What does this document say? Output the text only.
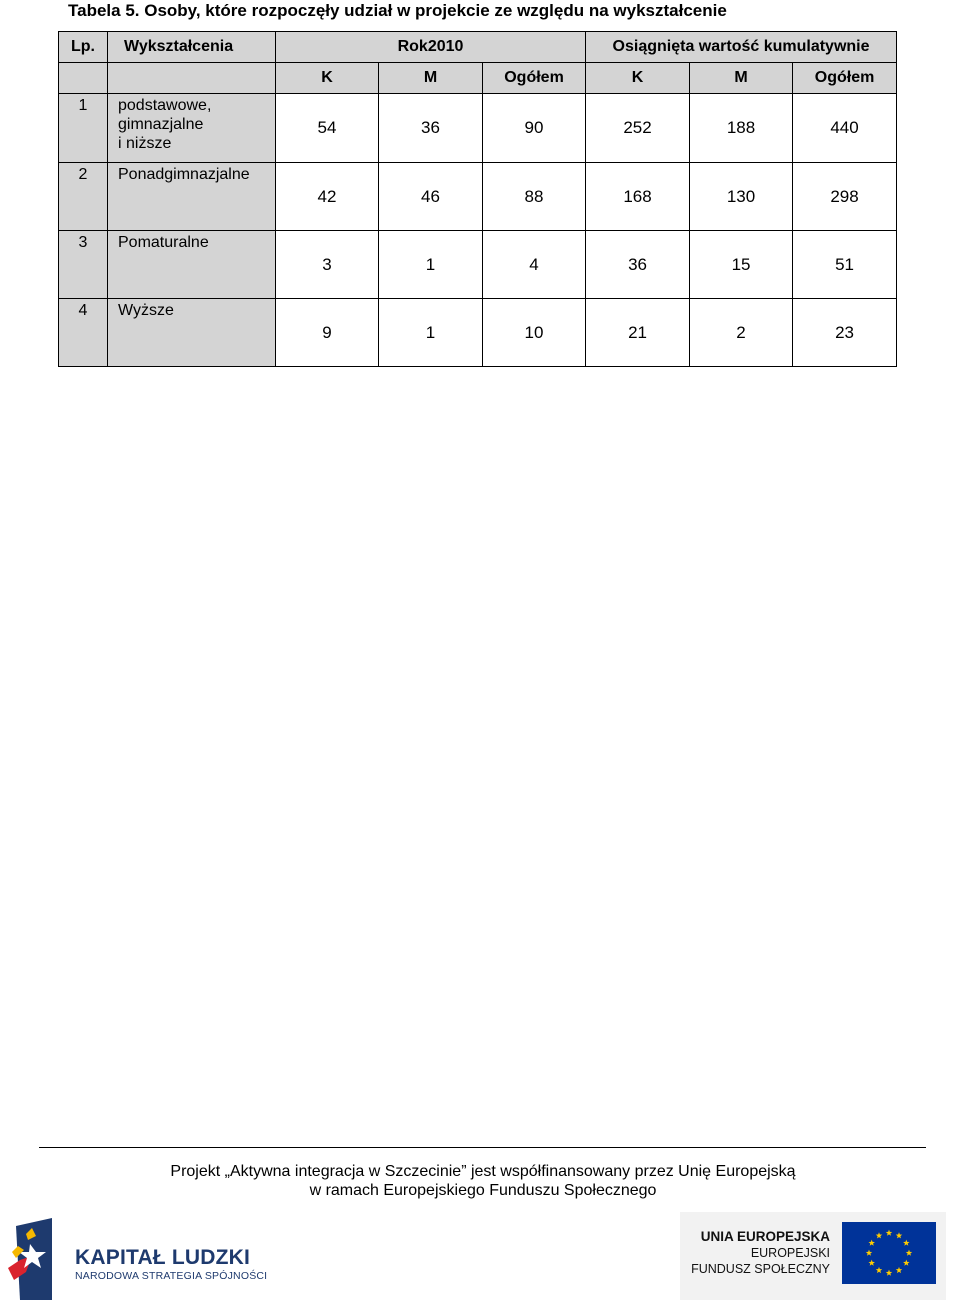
Tabela 5. Osoby, które rozpoczęły udział w projekcie ze względu na wykształcenie
Lp.	Wykształcenia	Rok2010			Osiągnięta wartość kumulatywnie		
		K	M	Ogółem	K	M	Ogółem
1	podstawowe,
gimnazjalne
i niższe	54	36	90	252	188	440
2	Ponadgimnazjalne	42	46	88	168	130	298
3	Pomaturalne	3	1	4	36	15	51
4	Wyższe	9	1	10	21	2	23
Projekt „Aktywna integracja w Szczecinie” jest współfinansowany przez Unię Europejską
w ramach Europejskiego Funduszu Społecznego
KAPITAŁ LUDZKI
NARODOWA STRATEGIA SPÓJNOŚCI
UNIA EUROPEJSKA
EUROPEJSKI
FUNDUSZ SPOŁECZNY
